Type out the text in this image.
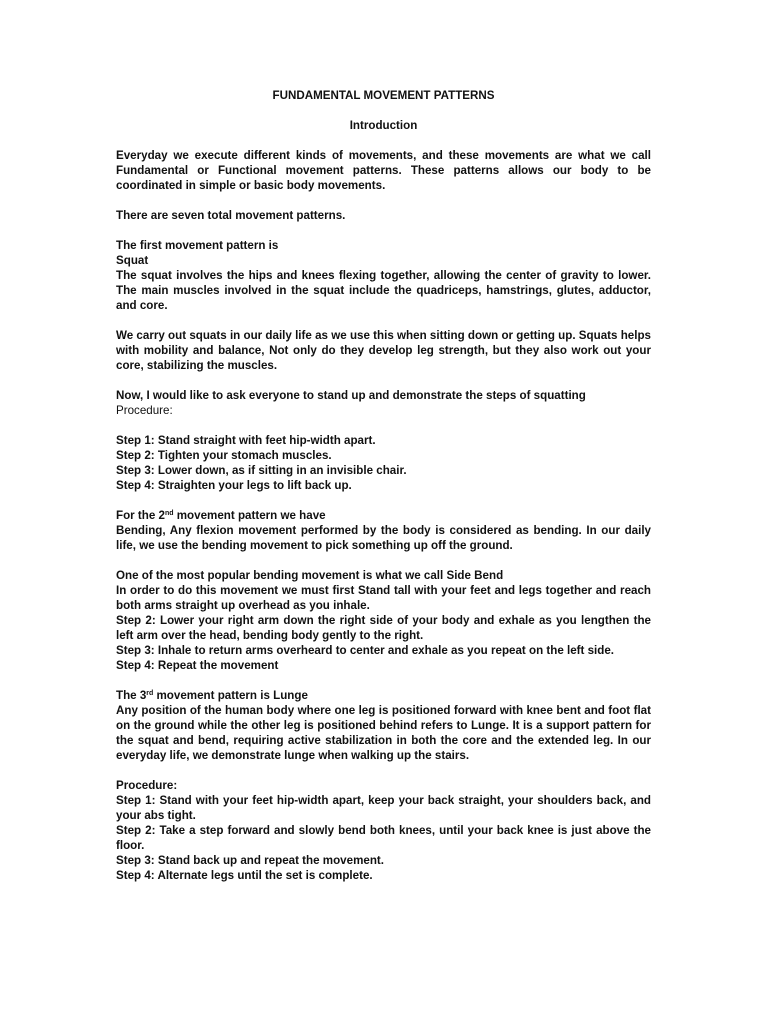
FUNDAMENTAL MOVEMENT PATTERNS
Introduction
Everyday we execute different kinds of movements, and these movements are what we call Fundamental or Functional movement patterns. These patterns allows our body to be coordinated in simple or basic body movements.
There are seven total movement patterns.
The first movement pattern is
Squat
The squat involves the hips and knees flexing together, allowing the center of gravity to lower. The main muscles involved in the squat include the quadriceps, hamstrings, glutes, adductor, and core.
We carry out squats in our daily life as we use this when sitting down or getting up. Squats helps with mobility and balance, Not only do they develop leg strength, but they also work out your core, stabilizing the muscles.
Now, I would like to ask everyone to stand up and demonstrate the steps of squatting
Procedure:
Step 1: Stand straight with feet hip-width apart.
Step 2: Tighten your stomach muscles.
Step 3: Lower down, as if sitting in an invisible chair.
Step 4: Straighten your legs to lift back up.
For the 2nd movement pattern we have
Bending, Any flexion movement performed by the body is considered as bending. In our daily life, we use the bending movement to pick something up off the ground.
One of the most popular bending movement is what we call Side Bend
In order to do this movement we must first Stand tall with your feet and legs together and reach both arms straight up overhead as you inhale.
Step 2: Lower your right arm down the right side of your body and exhale as you lengthen the left arm over the head, bending body gently to the right.
Step 3: Inhale to return arms overheard to center and exhale as you repeat on the left side.
Step 4: Repeat the movement
The 3rd movement pattern is Lunge
Any position of the human body where one leg is positioned forward with knee bent and foot flat on the ground while the other leg is positioned behind refers to Lunge. It is a support pattern for the squat and bend, requiring active stabilization in both the core and the extended leg. In our everyday life, we demonstrate lunge when walking up the stairs.
Procedure:
Step 1: Stand with your feet hip-width apart, keep your back straight, your shoulders back, and your abs tight.
Step 2: Take a step forward and slowly bend both knees, until your back knee is just above the floor.
Step 3: Stand back up and repeat the movement.
Step 4: Alternate legs until the set is complete.
